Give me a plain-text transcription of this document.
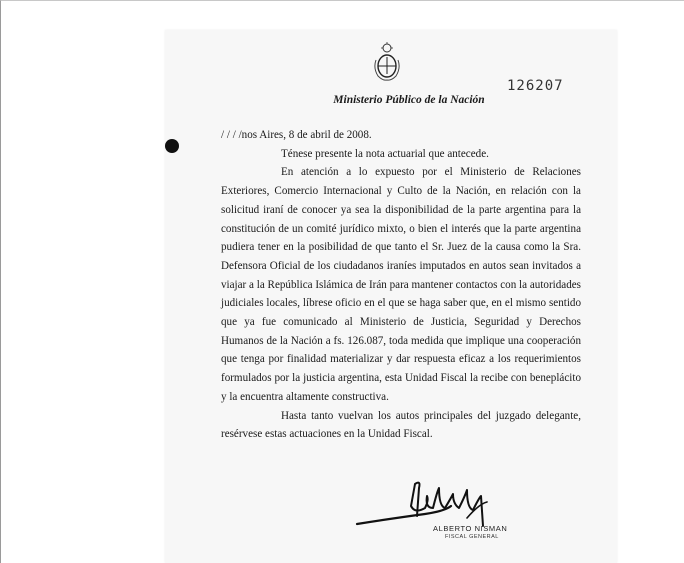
Ministerio Público de la Nación
126207

/ / / /nos Aires, 8 de abril de 2008.

Ténese presente la nota actuarial que antecede.

En atención a lo expuesto por el Ministerio de Relaciones Exteriores, Comercio Internacional y Culto de la Nación, en relación con la solicitud iraní de conocer ya sea la disponibilidad de la parte argentina para la constitución de un comité jurídico mixto, o bien el interés que la parte argentina pudiera tener en la posibilidad de que tanto el Sr. Juez de la causa como la Sra. Defensora Oficial de los ciudadanos iraníes imputados en autos sean invitados a viajar a la República Islámica de Irán para mantener contactos con la autoridades judiciales locales, líbrese oficio en el que se haga saber que, en el mismo sentido que ya fue comunicado al Ministerio de Justicia, Seguridad y Derechos Humanos de la Nación a fs. 126.087, toda medida que implique una cooperación que tenga por finalidad materializar y dar respuesta eficaz a los requerimientos formulados por la justicia argentina, esta Unidad Fiscal la recibe con beneplácito y la encuentra altamente constructiva.

Hasta tanto vuelvan los autos principales del juzgado delegante, resérvese estas actuaciones en la Unidad Fiscal.

ALBERTO NISMAN
FISCAL GENERAL
